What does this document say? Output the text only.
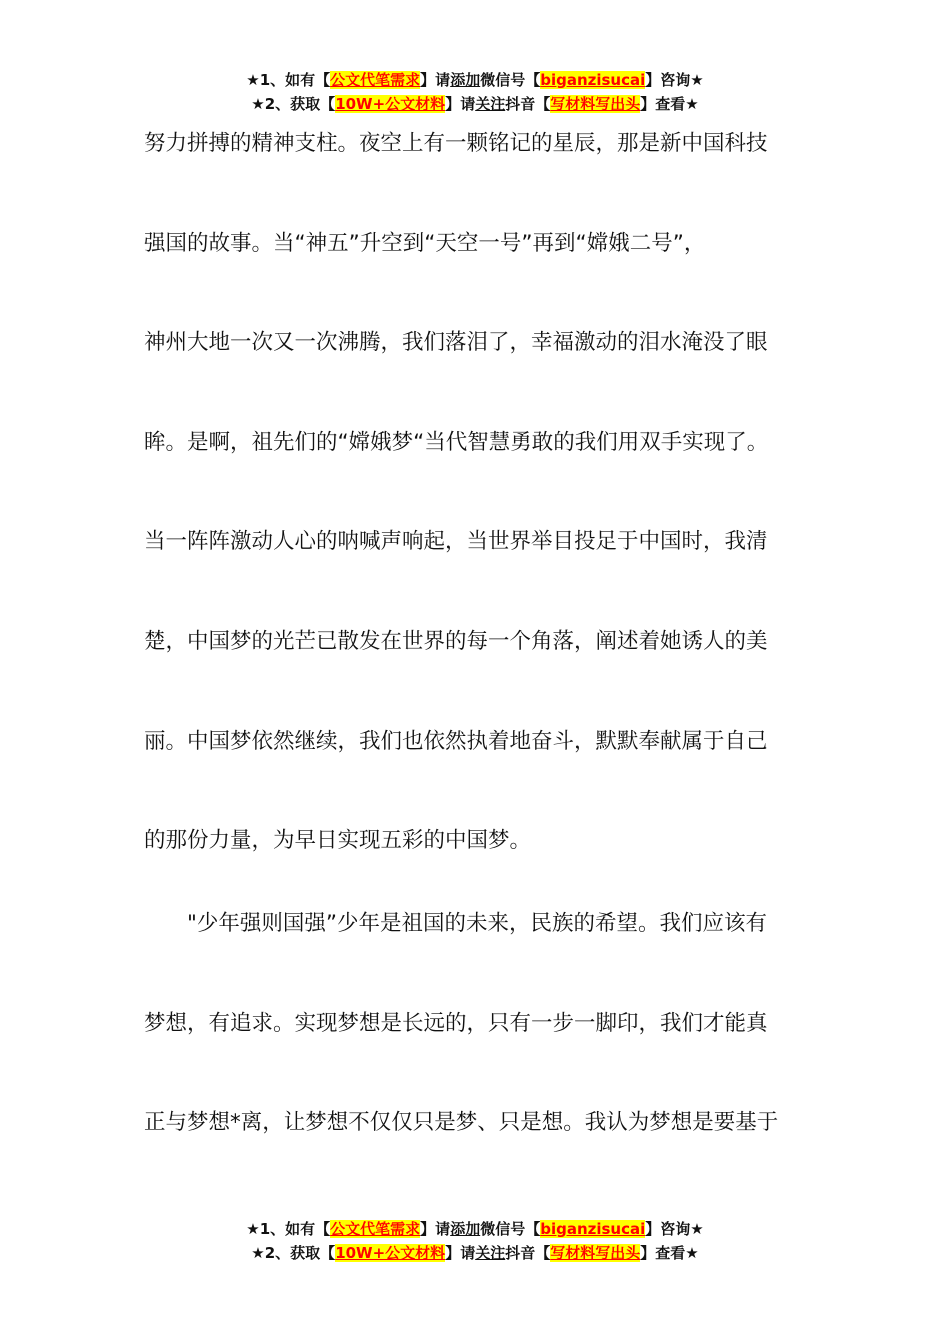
★1、如有【公文代笔需求】请添加微信号【biganzisucai】咨询★
★2、获取【10W+公文材料】请关注抖音【写材料写出头】查看★
努力拼搏的精神支柱。夜空上有一颗铭记的星辰，那是新中国科技
强国的故事。当“神五”升空到“天空一号”再到“嫦娥二号”，
神州大地一次又一次沸腾，我们落泪了，幸福激动的泪水淹没了眼
眸。是啊，祖先们的“嫦娥梦“当代智慧勇敢的我们用双手实现了。
当一阵阵激动人心的呐喊声响起，当世界举目投足于中国时，我清
楚，中国梦的光芒已散发在世界的每一个角落，阐述着她诱人的美
丽。中国梦依然继续，我们也依然执着地奋斗，默默奉献属于自己
的那份力量，为早日实现五彩的中国梦。
　　"少年强则国强”少年是祖国的未来，民族的希望。我们应该有
梦想，有追求。实现梦想是长远的，只有一步一脚印，我们才能真
正与梦想*离，让梦想不仅仅只是梦、只是想。我认为梦想是要基于
★1、如有【公文代笔需求】请添加微信号【biganzisucai】咨询★
★2、获取【10W+公文材料】请关注抖音【写材料写出头】查看★
